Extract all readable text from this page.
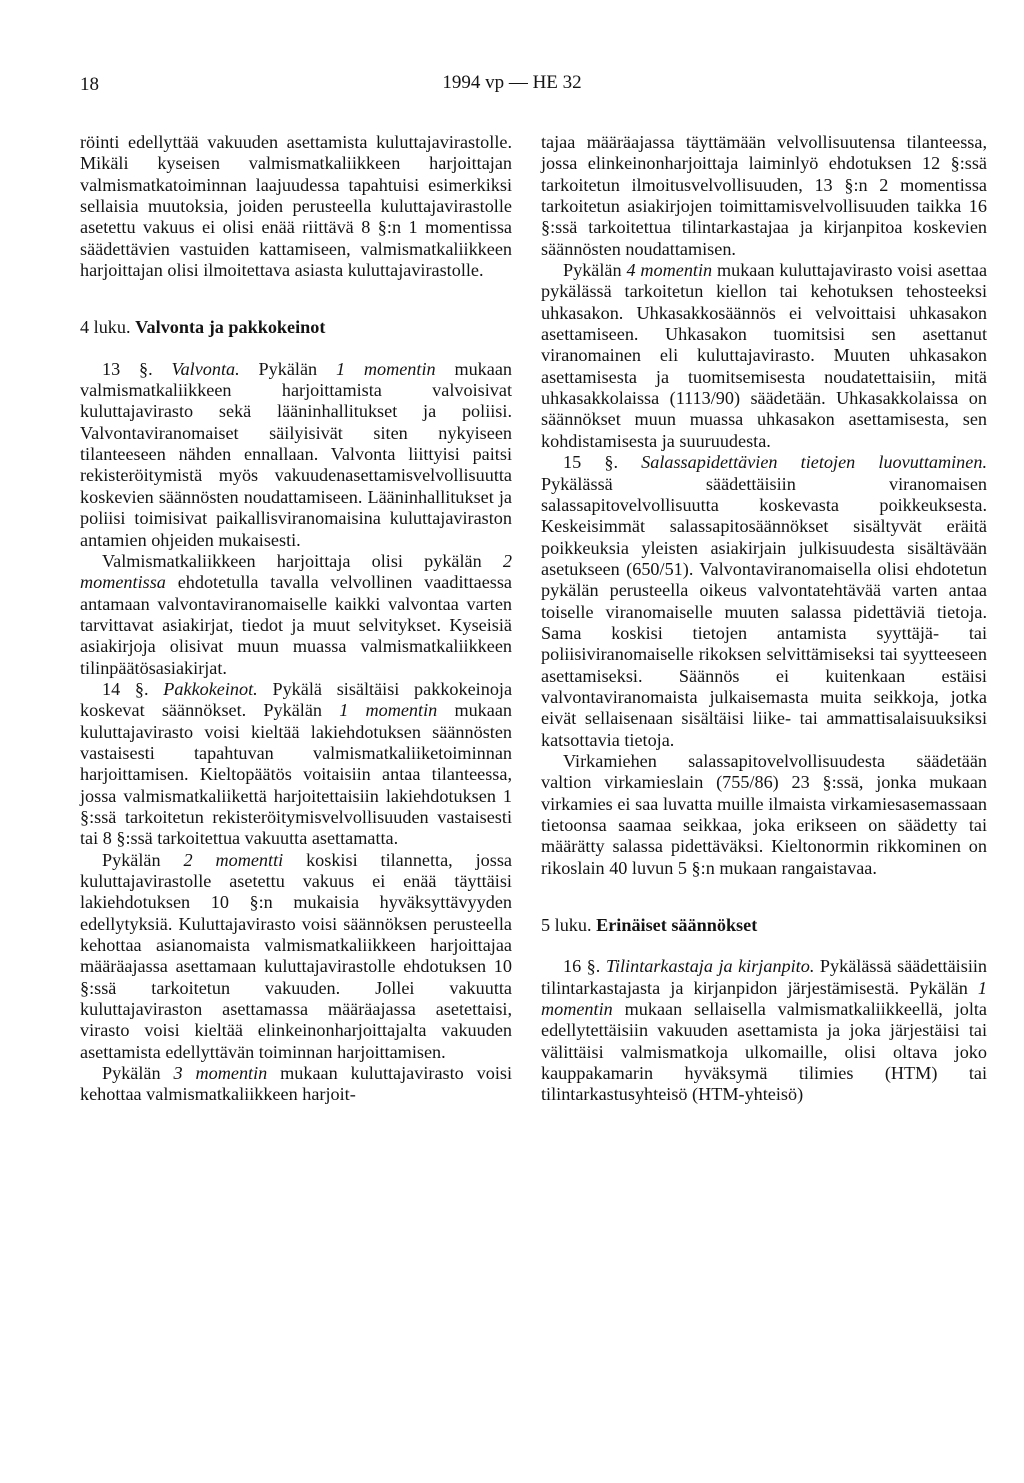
18	1994 vp — HE 32

röinti edellyttää vakuuden asettamista kuluttajavirastolle. Mikäli kyseisen valmismatkaliikkeen harjoittajan valmismatkatoiminnan laajuudessa tapahtuisi esimerkiksi sellaisia muutoksia, joiden perusteella kuluttajavirastolle asetettu vakuus ei olisi enää riittävä 8 §:n 1 momentissa säädettävien vastuiden kattamiseen, valmismatkaliikkeen harjoittajan olisi ilmoitettava asiasta kuluttajavirastolle.

4 luku. Valvonta ja pakkokeinot

13 §. Valvonta. Pykälän 1 momentin mukaan valmismatkaliikkeen harjoittamista valvoisivat kuluttajavirasto sekä lääninhallitukset ja poliisi. Valvontaviranomaiset säilyisivät siten nykyiseen tilanteeseen nähden ennallaan. Valvonta liittyisi paitsi rekisteröitymistä myös vakuudenasettamisvelvollisuutta koskevien säännösten noudattamiseen. Lääninhallitukset ja poliisi toimisivat paikallisviranomaisina kuluttajaviraston antamien ohjeiden mukaisesti.

Valmismatkaliikkeen harjoittaja olisi pykälän 2 momentissa ehdotetulla tavalla velvollinen vaadittaessa antamaan valvontaviranomaiselle kaikki valvontaa varten tarvittavat asiakirjat, tiedot ja muut selvitykset. Kyseisiä asiakirjoja olisivat muun muassa valmismatkaliikkeen tilinpäätösasiakirjat.

14 §. Pakkokeinot. Pykälä sisältäisi pakkokeinoja koskevat säännökset. Pykälän 1 momentin mukaan kuluttajavirasto voisi kieltää lakiehdotuksen säännösten vastaisesti tapahtuvan valmismatkaliiketoiminnan harjoittamisen. Kieltopäätös voitaisiin antaa tilanteessa, jossa valmismatkaliikettä harjoitettaisiin lakiehdotuksen 1 §:ssä tarkoitetun rekisteröitymisvelvollisuuden vastaisesti tai 8 §:ssä tarkoitettua vakuutta asettamatta.

Pykälän 2 momentti koskisi tilannetta, jossa kuluttajavirastolle asetettu vakuus ei enää täyttäisi lakiehdotuksen 10 §:n mukaisia hyväksyttävyyden edellytyksiä. Kuluttajavirasto voisi säännöksen perusteella kehottaa asianomaista valmismatkaliikkeen harjoittajaa määräajassa asettamaan kuluttajavirastolle ehdotuksen 10 §:ssä tarkoitetun vakuuden. Jollei vakuutta kuluttajaviraston asettamassa määräajassa asetettaisi, virasto voisi kieltää elinkeinonharjoittajalta vakuuden asettamista edellyttävän toiminnan harjoittamisen.

Pykälän 3 momentin mukaan kuluttajavirasto voisi kehottaa valmismatkaliikkeen harjoit-

tajaa määräajassa täyttämään velvollisuutensa tilanteessa, jossa elinkeinonharjoittaja laiminlyö ehdotuksen 12 §:ssä tarkoitetun ilmoitusvelvollisuuden, 13 §:n 2 momentissa tarkoitetun asiakirjojen toimittamisvelvollisuuden taikka 16 §:ssä tarkoitettua tilintarkastajaa ja kirjanpitoa koskevien säännösten noudattamisen.

Pykälän 4 momentin mukaan kuluttajavirasto voisi asettaa pykälässä tarkoitetun kiellon tai kehotuksen tehosteeksi uhkasakon. Uhkasakkosäännös ei velvoittaisi uhkasakon asettamiseen. Uhkasakon tuomitsisi sen asettanut viranomainen eli kuluttajavirasto. Muuten uhkasakon asettamisesta ja tuomitsemisesta noudatettaisiin, mitä uhkasakkolaissa (1113/90) säädetään. Uhkasakkolaissa on säännökset muun muassa uhkasakon asettamisesta, sen kohdistamisesta ja suuruudesta.

15 §. Salassapidettävien tietojen luovuttaminen. Pykälässä säädettäisiin viranomaisen salassapitovelvollisuutta koskevasta poikkeuksesta. Keskeisimmät salassapitosäännökset sisältyvät eräitä poikkeuksia yleisten asiakirjain julkisuudesta sisältävään asetukseen (650/51). Valvontaviranomaisella olisi ehdotetun pykälän perusteella oikeus valvontatehtävää varten antaa toiselle viranomaiselle muuten salassa pidettäviä tietoja. Sama koskisi tietojen antamista syyttäjä- tai poliisiviranomaiselle rikoksen selvittämiseksi tai syytteeseen asettamiseksi. Säännös ei kuitenkaan estäisi valvontaviranomaista julkaisemasta muita seikkoja, jotka eivät sellaisenaan sisältäisi liike- tai ammattisalaisuuksiksi katsottavia tietoja.

Virkamiehen salassapitovelvollisuudesta säädetään valtion virkamieslain (755/86) 23 §:ssä, jonka mukaan virkamies ei saa luvatta muille ilmaista virkamiesasemassaan tietoonsa saamaa seikkaa, joka erikseen on säädetty tai määrätty salassa pidettäväksi. Kieltonormin rikkominen on rikoslain 40 luvun 5 §:n mukaan rangaistavaa.

5 luku. Erinäiset säännökset

16 §. Tilintarkastaja ja kirjanpito. Pykälässä säädettäisiin tilintarkastajasta ja kirjanpidon järjestämisestä. Pykälän 1 momentin mukaan sellaisella valmismatkaliikkeellä, jolta edellytettäisiin vakuuden asettamista ja joka järjestäisi tai välittäisi valmismatkoja ulkomaille, olisi oltava joko kauppakamarin hyväksymä tilimies (HTM) tai tilintarkastusyhteisö (HTM-yhteisö)
